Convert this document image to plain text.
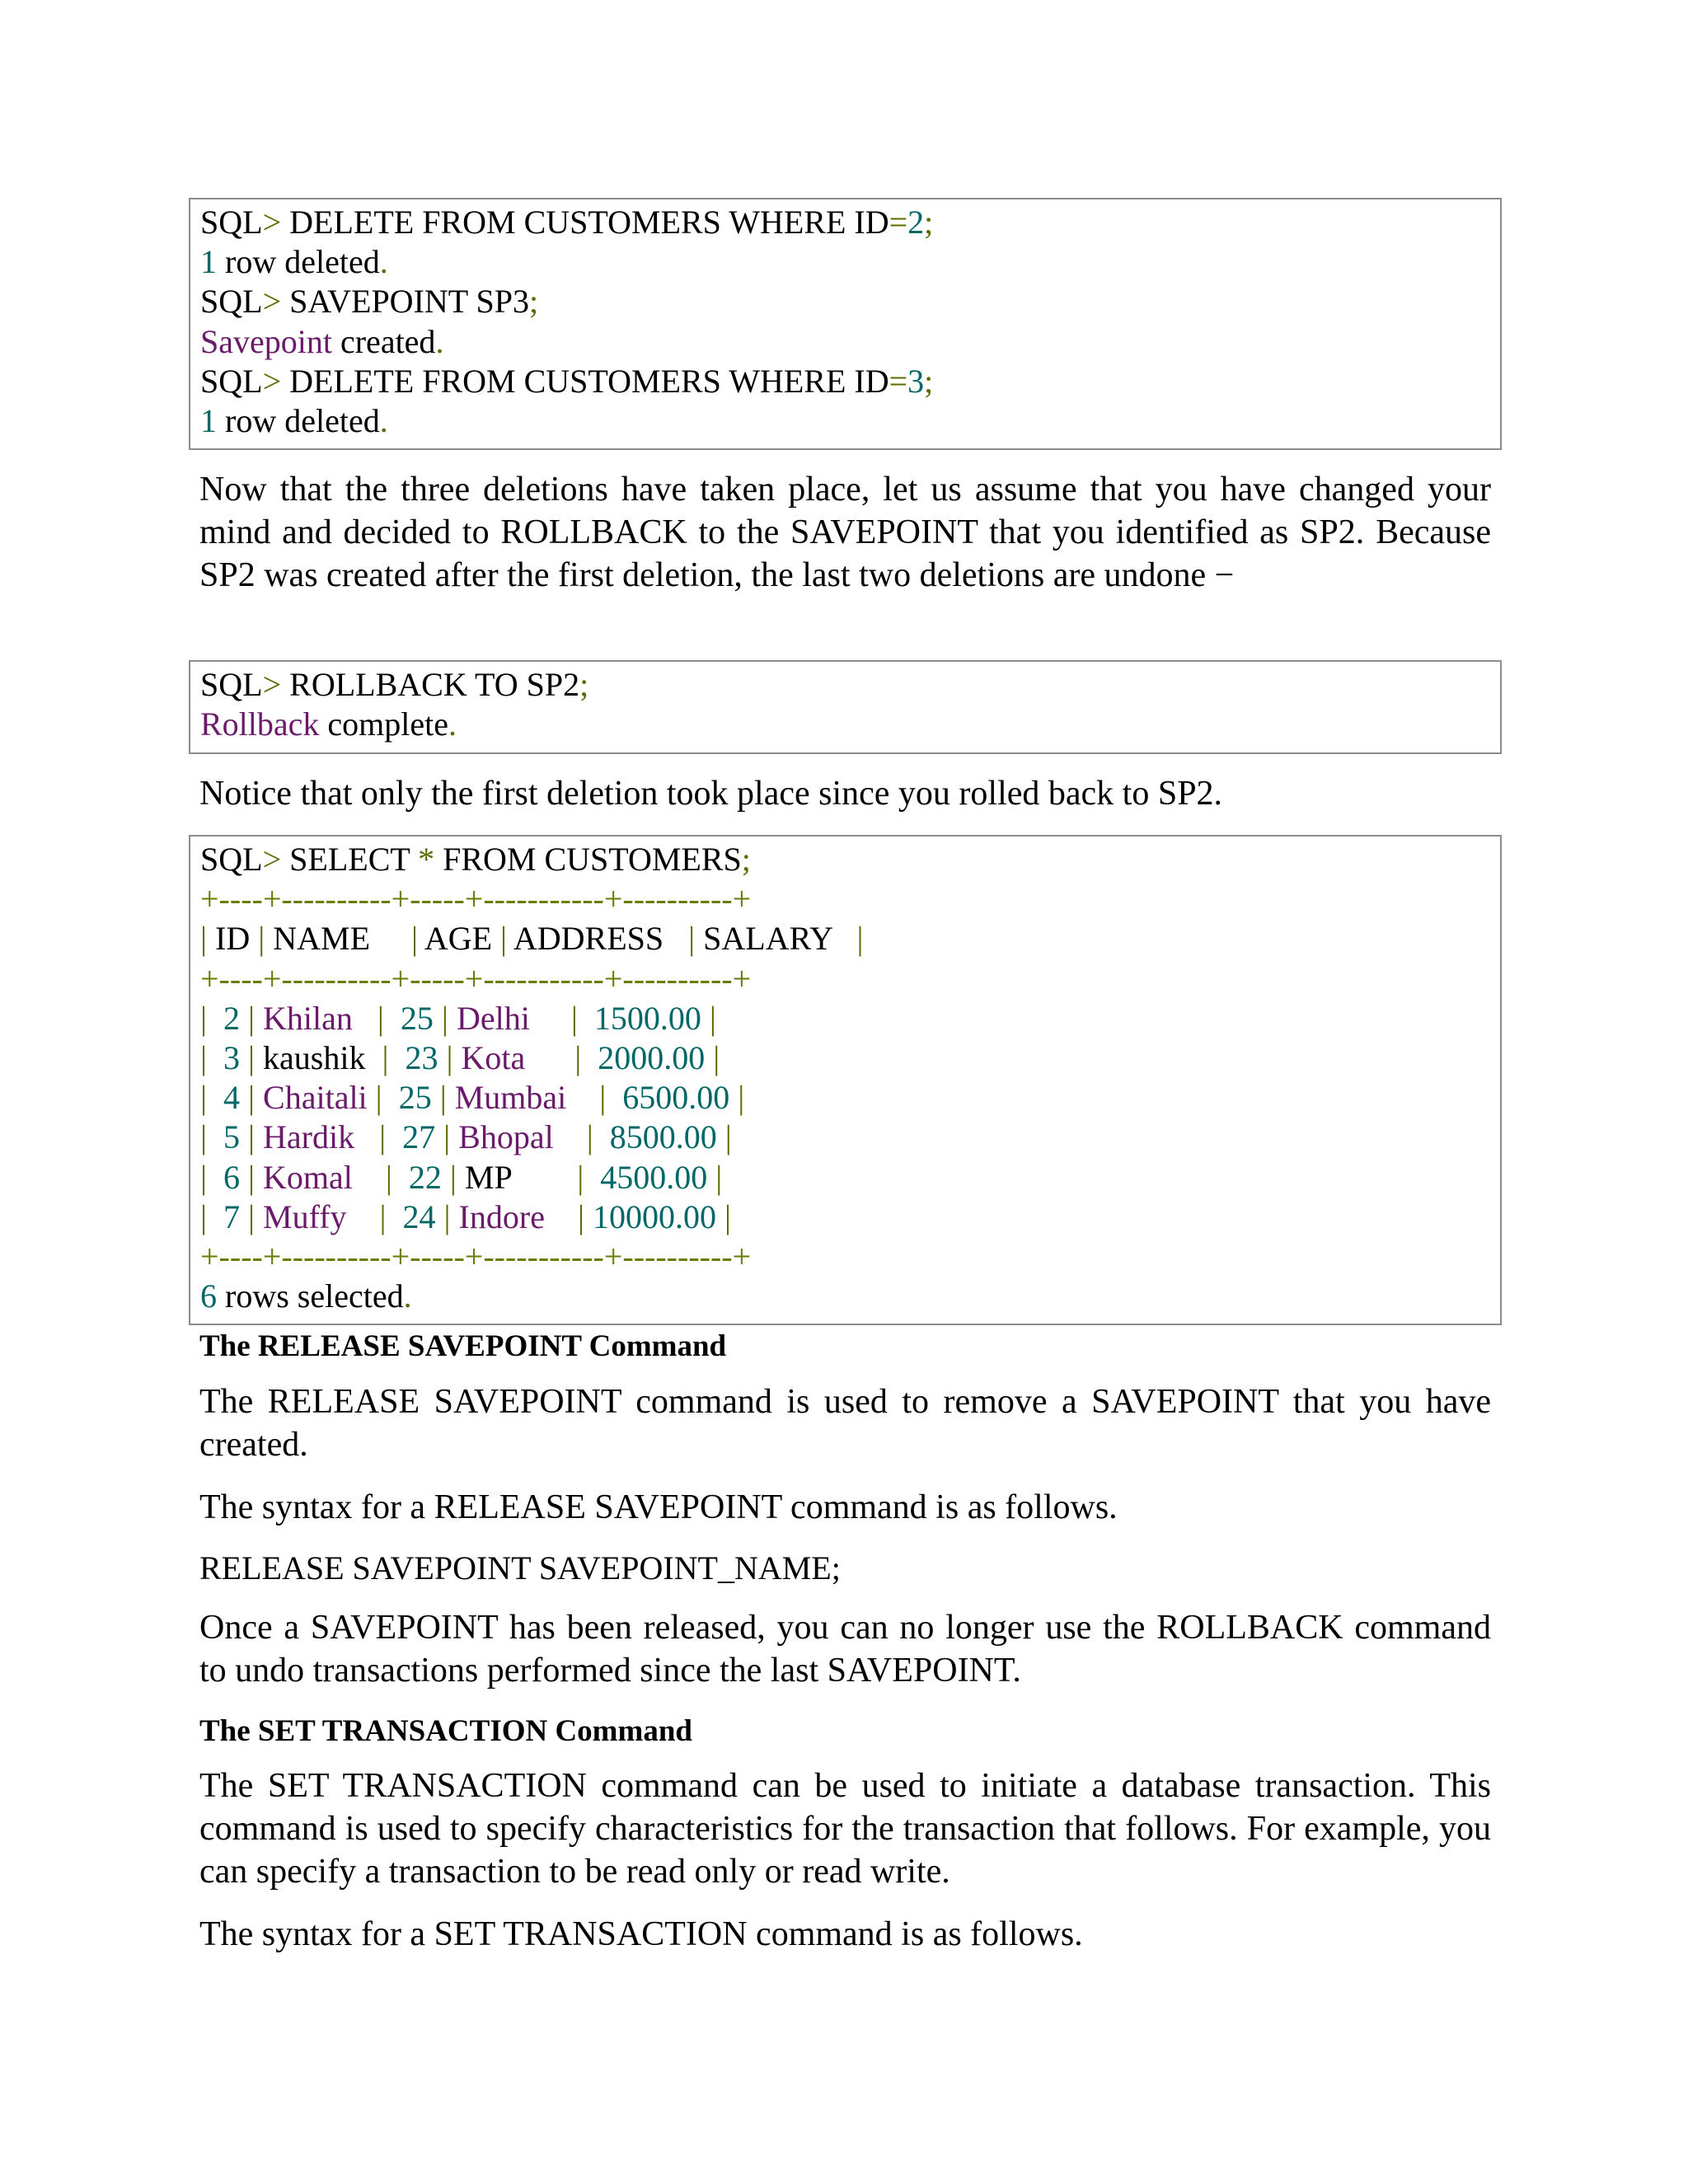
SQL> DELETE FROM CUSTOMERS WHERE ID=2;
1 row deleted.
SQL> SAVEPOINT SP3;
Savepoint created.
SQL> DELETE FROM CUSTOMERS WHERE ID=3;
1 row deleted.
Now that the three deletions have taken place, let us assume that you have changed your mind and decided to ROLLBACK to the SAVEPOINT that you identified as SP2. Because SP2 was created after the first deletion, the last two deletions are undone −
SQL> ROLLBACK TO SP2;
Rollback complete.
Notice that only the first deletion took place since you rolled back to SP2.
SQL> SELECT * FROM CUSTOMERS;
+----+----------+-----+-----------+----------+
| ID | NAME     | AGE | ADDRESS   | SALARY   |
+----+----------+-----+-----------+----------+
| 2 | Khilan | 25 | Delhi | 1500.00 |
| 3 | kaushik  | 23 | Kota | 2000.00 |
| 4 | Chaitali | 25 | Mumbai | 6500.00 |
| 5 | Hardik | 27 | Bhopal | 8500.00 |
| 6 | Komal | 22 | MP        | 4500.00 |
| 7 | Muffy | 24 | Indore | 10000.00 |
+----+----------+-----+-----------+----------+
6 rows selected.
The RELEASE SAVEPOINT Command
The RELEASE SAVEPOINT command is used to remove a SAVEPOINT that you have created.
The syntax for a RELEASE SAVEPOINT command is as follows.
RELEASE SAVEPOINT SAVEPOINT_NAME;
Once a SAVEPOINT has been released, you can no longer use the ROLLBACK command to undo transactions performed since the last SAVEPOINT.
The SET TRANSACTION Command
The SET TRANSACTION command can be used to initiate a database transaction. This command is used to specify characteristics for the transaction that follows. For example, you can specify a transaction to be read only or read write.
The syntax for a SET TRANSACTION command is as follows.
